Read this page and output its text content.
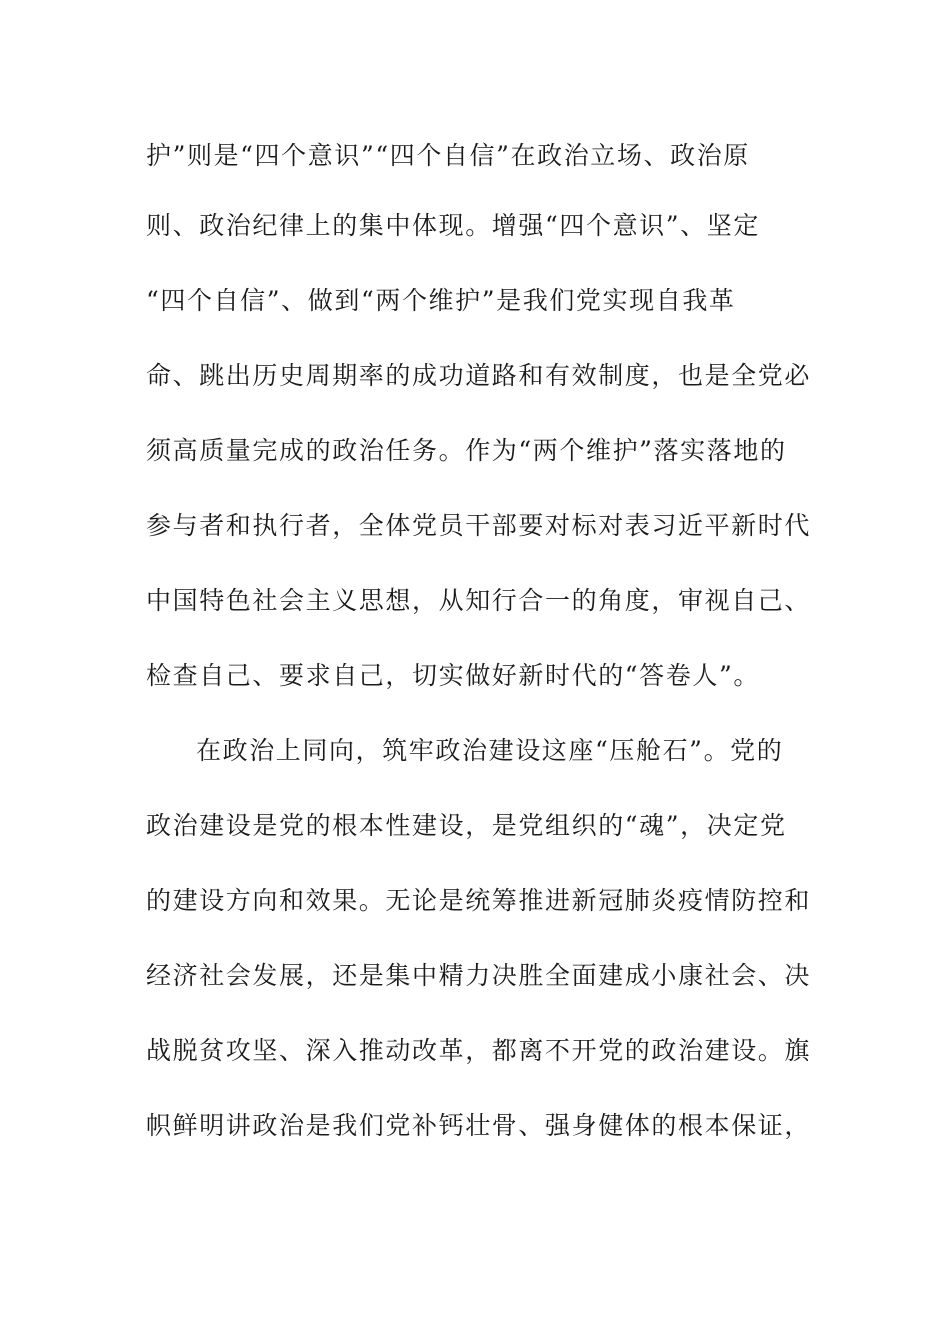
护”则是“四个意识”“四个自信”在政治立场、政治原
则、政治纪律上的集中体现。增强“四个意识”、坚定
“四个自信”、做到“两个维护”是我们党实现自我革
命、跳出历史周期率的成功道路和有效制度，也是全党必
须高质量完成的政治任务。作为“两个维护”落实落地的
参与者和执行者，全体党员干部要对标对表习近平新时代
中国特色社会主义思想，从知行合一的角度，审视自己、
检查自己、要求自己，切实做好新时代的“答卷人”。
在政治上同向，筑牢政治建设这座“压舱石”。党的
政治建设是党的根本性建设，是党组织的“魂”，决定党
的建设方向和效果。无论是统筹推进新冠肺炎疫情防控和
经济社会发展，还是集中精力决胜全面建成小康社会、决
战脱贫攻坚、深入推动改革，都离不开党的政治建设。旗
帜鲜明讲政治是我们党补钙壮骨、强身健体的根本保证，
